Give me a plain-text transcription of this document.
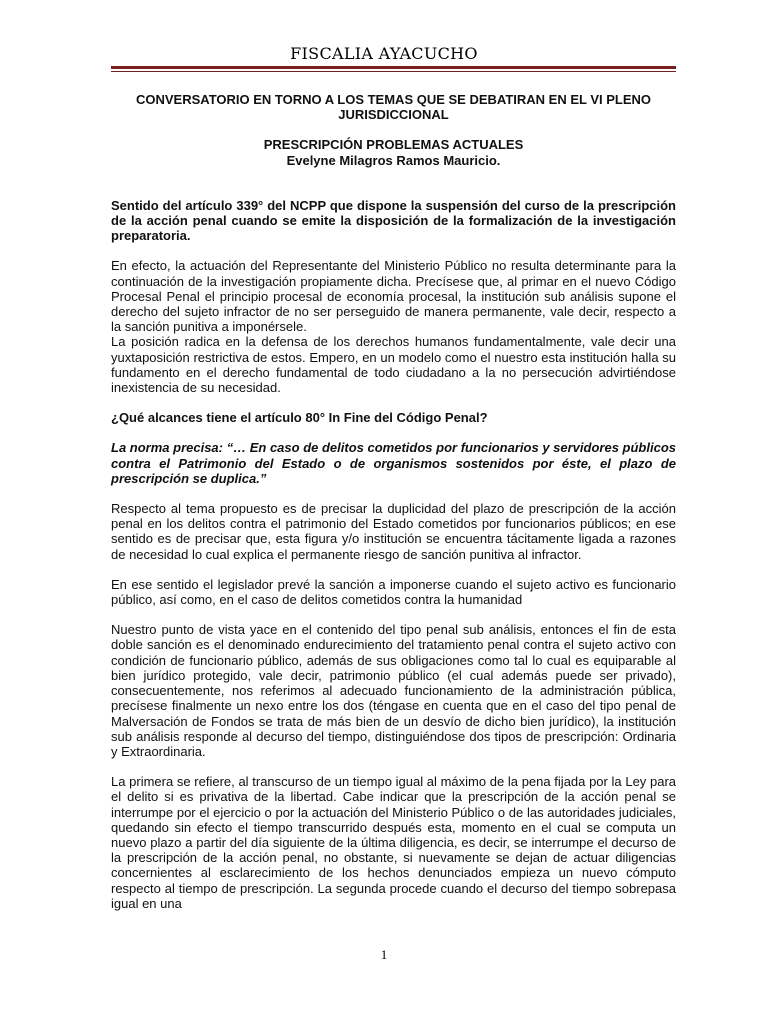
FISCALIA AYACUCHO

CONVERSATORIO EN TORNO A LOS TEMAS QUE SE DEBATIRAN EN EL VI PLENO

JURISDICCIONAL

PRESCRIPCIÓN PROBLEMAS ACTUALES

Evelyne Milagros Ramos Mauricio.

Sentido del artículo 339° del NCPP que dispone la suspensión del curso de la prescripción de la acción penal cuando se emite la disposición de la formalización de la investigación preparatoria.

En efecto, la actuación del Representante del Ministerio Público no resulta determinante para la continuación de la investigación propiamente dicha. Precísese que, al primar en el nuevo Código Procesal Penal el principio procesal de economía procesal, la institución sub análisis supone el derecho del sujeto infractor de no ser perseguido de manera permanente, vale decir, respecto a la sanción punitiva a imponérsele.

La posición radica en la defensa de los derechos humanos fundamentalmente, vale decir una yuxtaposición restrictiva de estos. Empero, en un modelo como el nuestro esta institución halla su fundamento en el derecho fundamental de todo ciudadano a la no persecución advirtiéndose inexistencia de su necesidad.

¿Qué alcances tiene el artículo 80° In Fine del Código Penal?

La norma precisa: “… En caso de delitos cometidos por funcionarios y servidores públicos contra el Patrimonio del Estado o de organismos sostenidos por éste, el plazo de prescripción se duplica.”

Respecto al tema propuesto es de precisar la duplicidad del plazo de prescripción de la acción penal en los delitos contra el patrimonio del Estado cometidos por funcionarios públicos; en ese sentido es de precisar que, esta figura y/o institución se encuentra tácitamente ligada a razones de necesidad lo cual explica el permanente riesgo de sanción punitiva al infractor.

En ese sentido el legislador prevé la sanción a imponerse cuando el sujeto activo es funcionario público, así como, en el caso de delitos cometidos contra la humanidad

Nuestro punto de vista yace en el contenido del tipo penal sub análisis, entonces el fin de esta doble sanción es el denominado endurecimiento del tratamiento penal contra el sujeto activo con condición de funcionario público, además de sus obligaciones como tal lo cual es equiparable al bien jurídico protegido, vale decir, patrimonio público (el cual además puede ser privado), consecuentemente, nos referimos al adecuado funcionamiento de la administración pública, precísese finalmente un nexo entre los dos (téngase en cuenta que en el caso del tipo penal de Malversación de Fondos se trata de más bien de un desvío de dicho bien jurídico), la institución sub análisis responde al decurso del tiempo, distinguiéndose dos tipos de prescripción: Ordinaria y Extraordinaria.

La primera se refiere, al transcurso de un tiempo igual al máximo de la pena fijada por la Ley para el delito si es privativa de la libertad. Cabe indicar que la prescripción de la acción penal se interrumpe por el ejercicio o por la actuación del Ministerio Público o de las autoridades judiciales, quedando sin efecto el tiempo transcurrido después esta, momento en el cual se computa un nuevo plazo a partir del día siguiente de la última diligencia, es decir, se interrumpe el decurso de la prescripción de la acción penal, no obstante, si nuevamente se dejan de actuar diligencias concernientes al esclarecimiento de los hechos denunciados empieza un nuevo cómputo respecto al tiempo de prescripción. La segunda procede cuando el decurso del tiempo sobrepasa igual en una

1
